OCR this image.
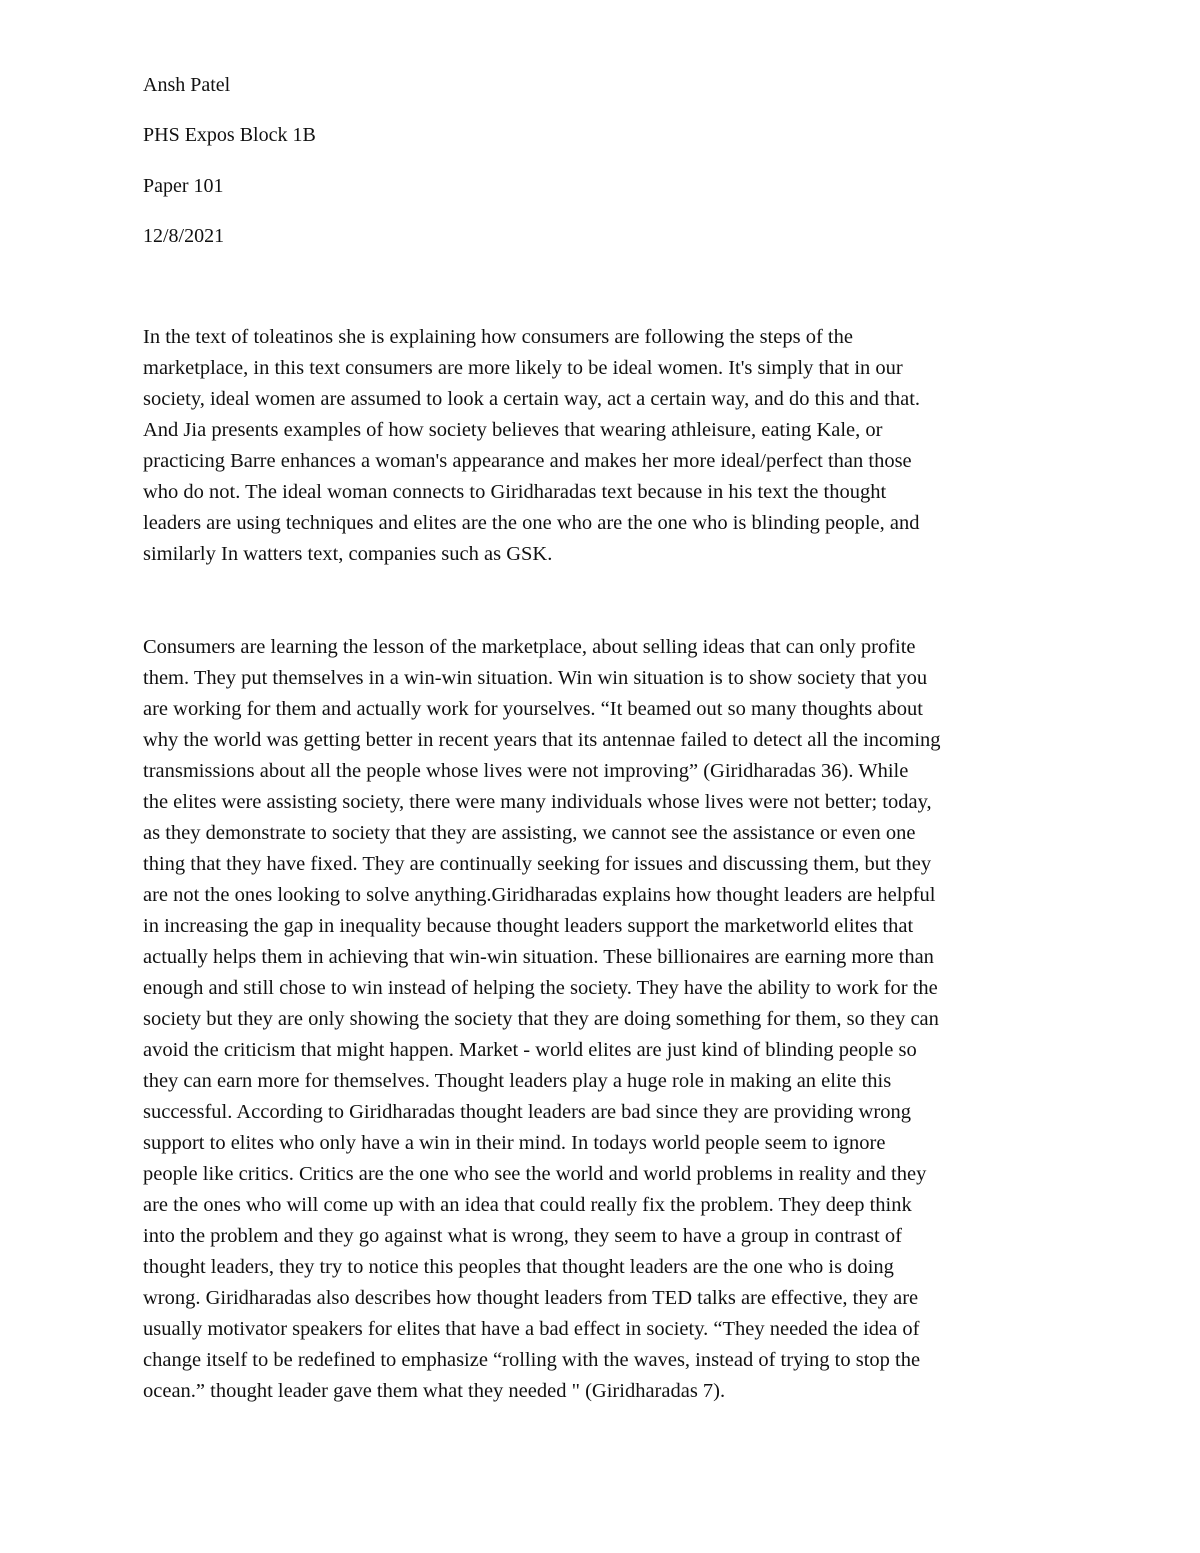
Ansh Patel
PHS Expos Block 1B
Paper 101
12/8/2021
In the text of toleatinos she is explaining how consumers are following the steps of the
marketplace, in this text consumers are more likely to be ideal women. It's simply that in our
society, ideal women are assumed to look a certain way, act a certain way, and do this and that.
And Jia presents examples of how society believes that wearing athleisure, eating Kale, or
practicing Barre enhances a woman's appearance and makes her more ideal/perfect than those
who do not. The ideal woman connects to Giridharadas text because in his text the thought
leaders are using techniques and elites are the one who are the one who is blinding people, and
similarly In watters text, companies such as GSK.
Consumers are learning the lesson of the marketplace, about selling ideas that can only profite
them. They put themselves in a win-win situation. Win win situation is to show society that you
are working for them and actually work for yourselves. “It beamed out so many thoughts about
why the world was getting better in recent years that its antennae failed to detect all the incoming
transmissions about all the people whose lives were not improving” (Giridharadas 36). While
the elites were assisting society, there were many individuals whose lives were not better; today,
as they demonstrate to society that they are assisting, we cannot see the assistance or even one
thing that they have fixed. They are continually seeking for issues and discussing them, but they
are not the ones looking to solve anything.Giridharadas explains how thought leaders are helpful
in increasing the gap in inequality because thought leaders support the marketworld elites that
actually helps them in achieving that win-win situation. These billionaires are earning more than
enough and still chose to win instead of helping the society. They have the ability to work for the
society but they are only showing the society that they are doing something for them, so they can
avoid the criticism that might happen. Market - world elites are just kind of blinding people so
they can earn more for themselves. Thought leaders play a huge role in making an elite this
successful. According to Giridharadas thought leaders are bad since they are providing wrong
support to elites who only have a win in their mind. In todays world people seem to ignore
people like critics. Critics are the one who see the world and world problems in reality and they
are the ones who will come up with an idea that could really fix the problem. They deep think
into the problem and they go against what is wrong, they seem to have a group in contrast of
thought leaders, they try to notice this peoples that thought leaders are the one who is doing
wrong. Giridharadas also describes how thought leaders from TED talks are effective, they are
usually motivator speakers for elites that have a bad effect in society. “They needed the idea of
change itself to be redefined to emphasize “rolling with the waves, instead of trying to stop the
ocean.” thought leader gave them what they needed " (Giridharadas 7).
